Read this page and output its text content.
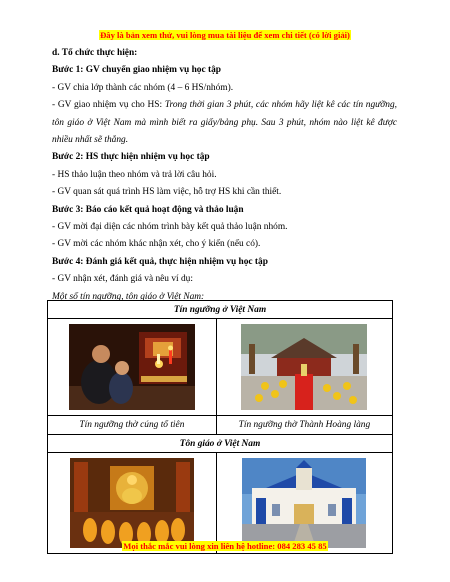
Đây là bản xem thử, vui lòng mua tài liệu để xem chi tiết (có lời giải)

d. Tổ chức thực hiện:

Bước 1: GV chuyển giao nhiệm vụ học tập

- GV chia lớp thành các nhóm (4 – 6 HS/nhóm).

- GV giao nhiệm vụ cho HS: Trong thời gian 3 phút, các nhóm hãy liệt kê các tín ngưỡng, tôn giáo ở Việt Nam mà mình biết ra giấy/bảng phụ. Sau 3 phút, nhóm nào liệt kê được nhiều nhất sẽ thắng.

Bước 2: HS thực hiện nhiệm vụ học tập

- HS thảo luận theo nhóm và trả lời câu hỏi.

- GV quan sát quá trình HS làm việc, hỗ trợ HS khi cần thiết.

Bước 3: Báo cáo kết quả hoạt động và thảo luận

- GV mời đại diện các nhóm trình bày kết quả thảo luận nhóm.

- GV mời các nhóm khác nhận xét, cho ý kiến (nếu có).

Bước 4: Đánh giá kết quả, thực hiện nhiệm vụ học tập

- GV nhận xét, đánh giá và nêu ví dụ:

Một số tín ngưỡng, tôn giáo ở Việt Nam:

Tín ngưỡng ở Việt Nam	

Tín ngưỡng thờ cúng tổ tiên	Tín ngưỡng thờ Thành Hoàng làng
Tôn giáo ở Việt Nam	

Mọi thắc mắc vui lòng xin liên hệ hotline: 084 283 45 85
